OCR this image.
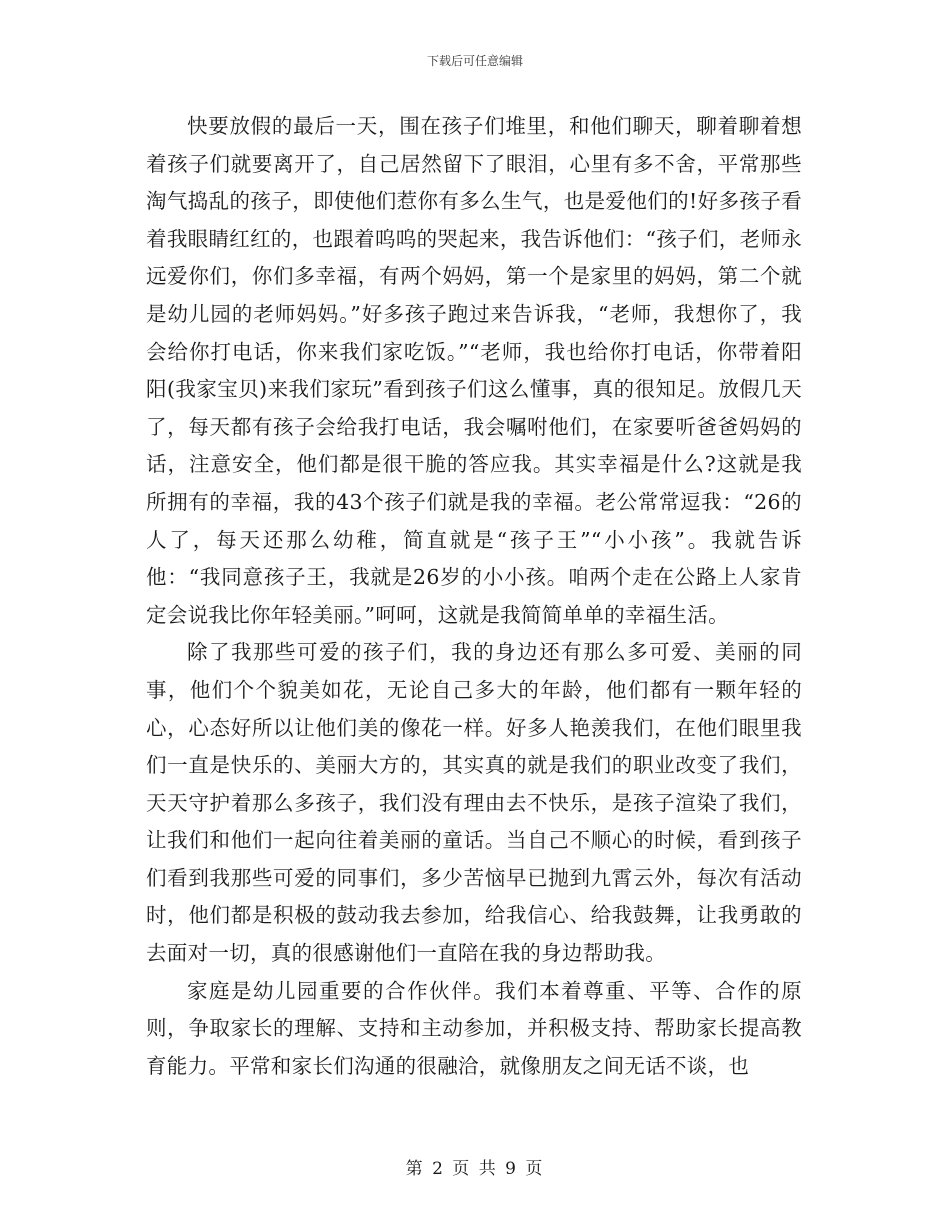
下载后可任意编辑

快要放假的最后一天，围在孩子们堆里，和他们聊天，聊着聊着想着孩子们就要离开了，自己居然留下了眼泪，心里有多不舍，平常那些淘气捣乱的孩子，即使他们惹你有多么生气，也是爱他们的!好多孩子看着我眼睛红红的，也跟着呜呜的哭起来，我告诉他们：“孩子们，老师永远爱你们，你们多幸福，有两个妈妈，第一个是家里的妈妈，第二个就是幼儿园的老师妈妈。”好多孩子跑过来告诉我，“老师，我想你了，我会给你打电话，你来我们家吃饭。”“老师，我也给你打电话，你带着阳阳(我家宝贝)来我们家玩”看到孩子们这么懂事，真的很知足。放假几天了，每天都有孩子会给我打电话，我会嘱咐他们，在家要听爸爸妈妈的话，注意安全，他们都是很干脆的答应我。其实幸福是什么?这就是我所拥有的幸福，我的43个孩子们就是我的幸福。老公常常逗我：“26的人了，每天还那么幼稚，简直就是“孩子王”“小小孩”。我就告诉他：“我同意孩子王，我就是26岁的小小孩。咱两个走在公路上人家肯定会说我比你年轻美丽。”呵呵，这就是我简简单单的幸福生活。

除了我那些可爱的孩子们，我的身边还有那么多可爱、美丽的同事，他们个个貌美如花，无论自己多大的年龄，他们都有一颗年轻的心，心态好所以让他们美的像花一样。好多人艳羡我们，在他们眼里我们一直是快乐的、美丽大方的，其实真的就是我们的职业改变了我们，天天守护着那么多孩子，我们没有理由去不快乐，是孩子渲染了我们，让我们和他们一起向往着美丽的童话。当自己不顺心的时候，看到孩子们看到我那些可爱的同事们，多少苦恼早已抛到九霄云外，每次有活动时，他们都是积极的鼓动我去参加，给我信心、给我鼓舞，让我勇敢的去面对一切，真的很感谢他们一直陪在我的身边帮助我。

家庭是幼儿园重要的合作伙伴。我们本着尊重、平等、合作的原则，争取家长的理解、支持和主动参加，并积极支持、帮助家长提高教育能力。平常和家长们沟通的很融洽，就像朋友之间无话不谈，也

第 2 页 共 9 页
